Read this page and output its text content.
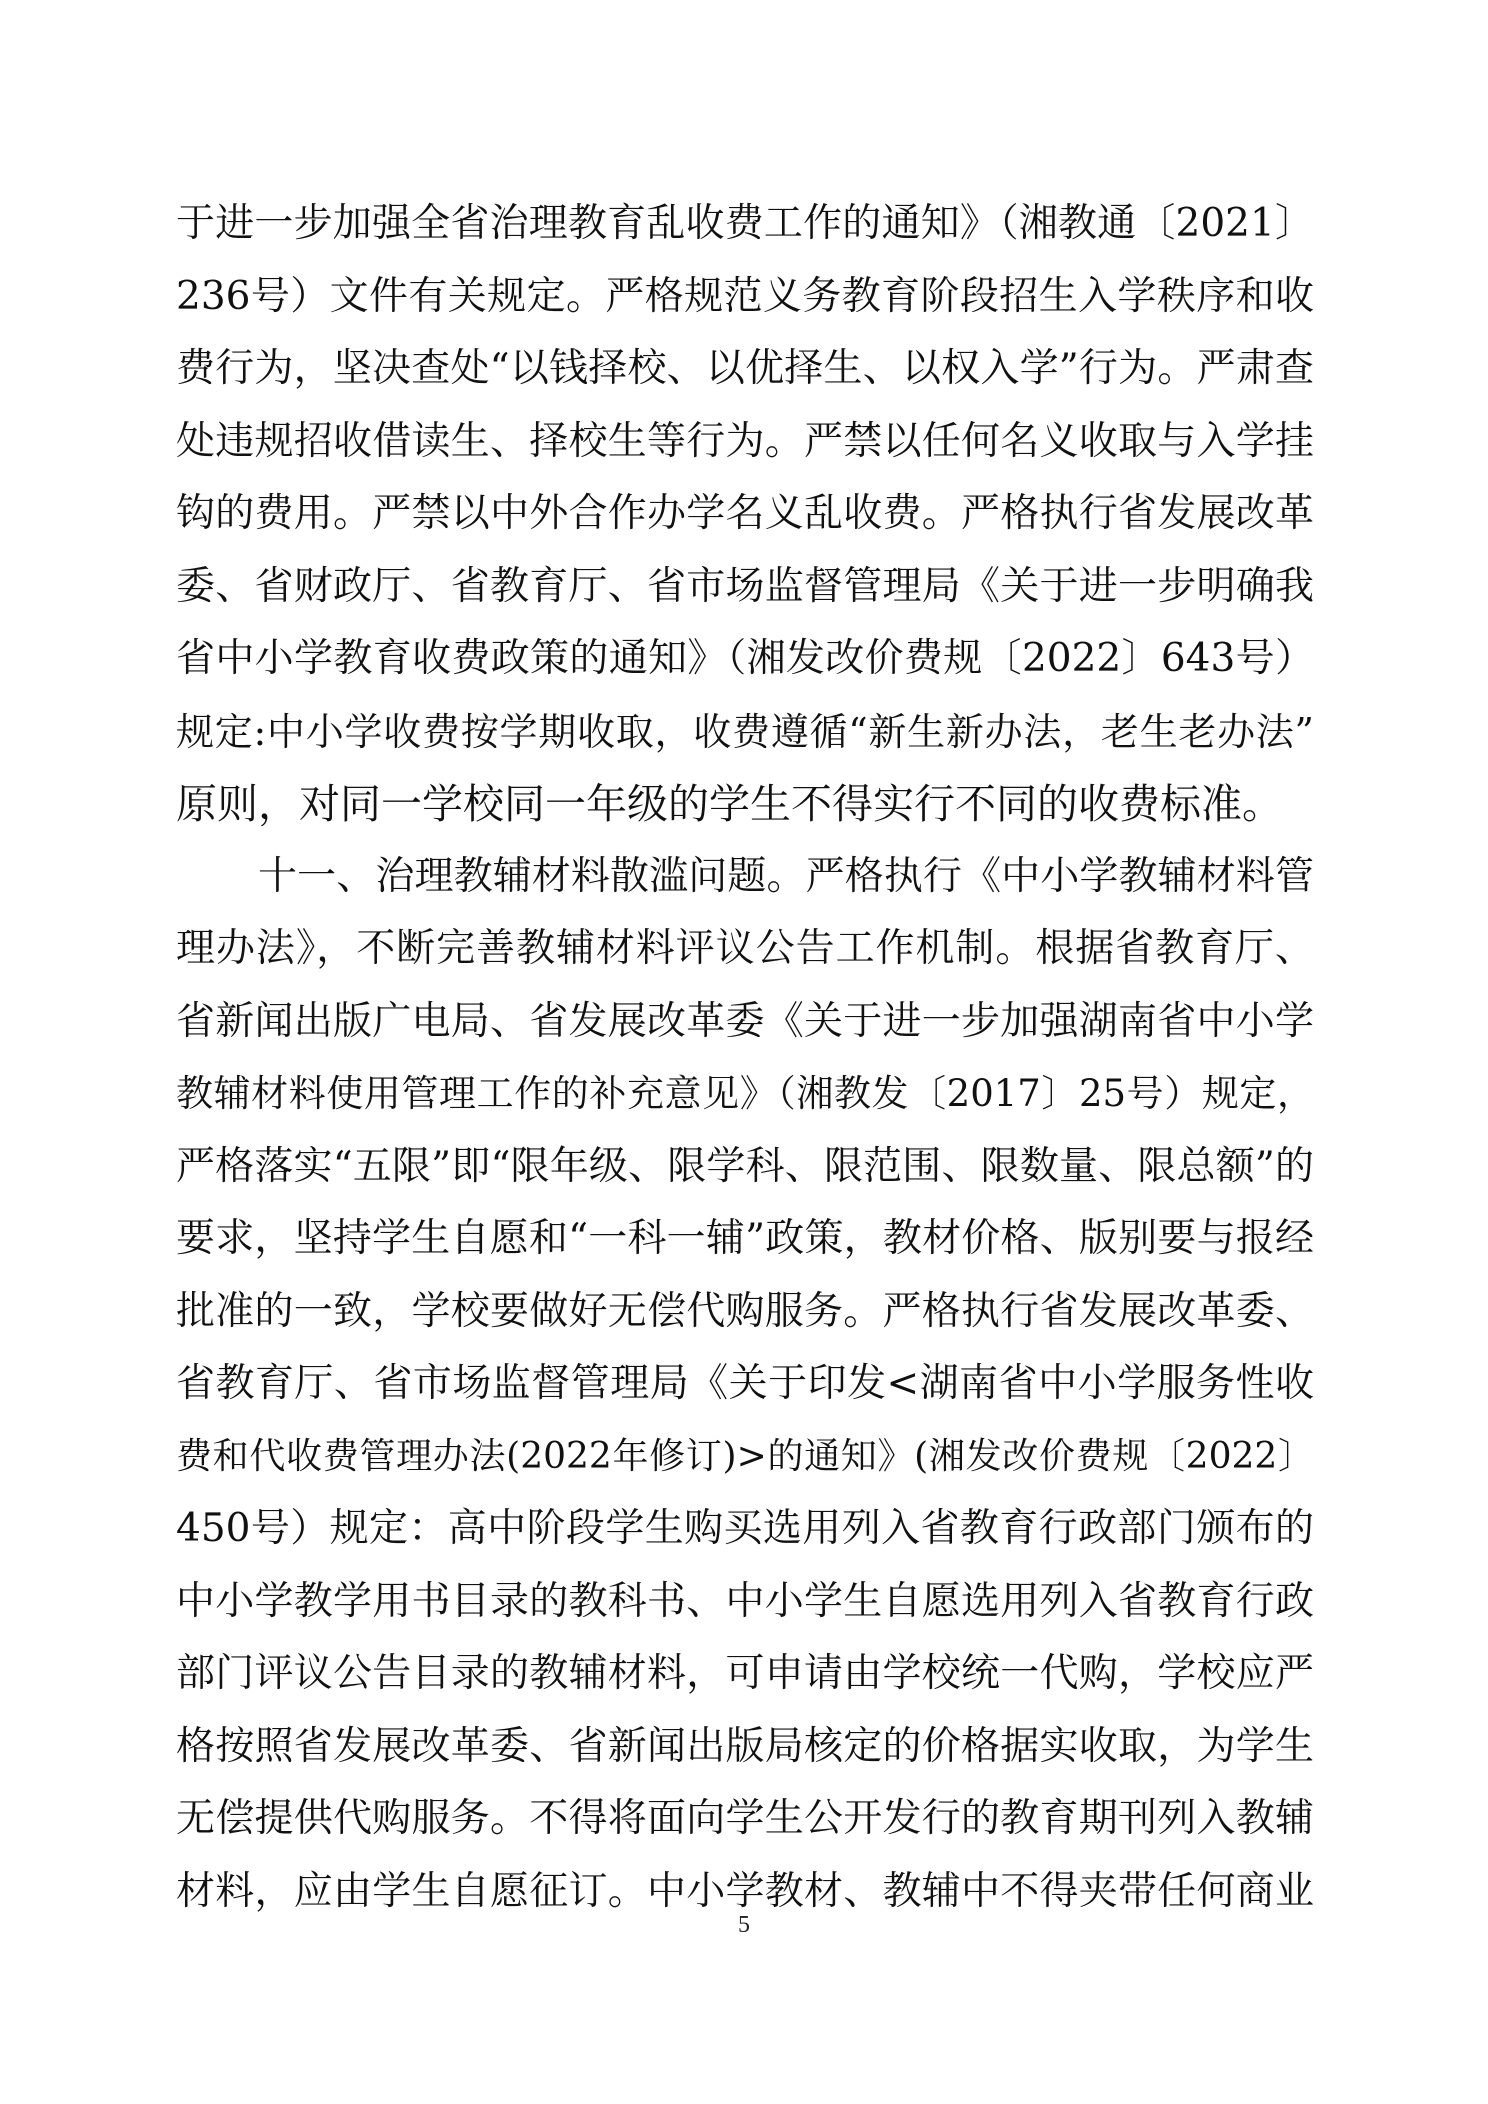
于进一步加强全省治理教育乱收费工作的通知》（湘教通〔2021〕
236号）文件有关规定。严格规范义务教育阶段招生入学秩序和收
费行为，坚决查处“以钱择校、以优择生、以权入学”行为。严肃查
处违规招收借读生、择校生等行为。严禁以任何名义收取与入学挂
钩的费用。严禁以中外合作办学名义乱收费。严格执行省发展改革
委、省财政厅、省教育厅、省市场监督管理局《关于进一步明确我
省中小学教育收费政策的通知》（湘发改价费规〔2022〕643号）
规定:中小学收费按学期收取，收费遵循“新生新办法，老生老办法”
原则，对同一学校同一年级的学生不得实行不同的收费标准。
十一、治理教辅材料散滥问题。严格执行《中小学教辅材料管
理办法》，不断完善教辅材料评议公告工作机制。根据省教育厅、
省新闻出版广电局、省发展改革委《关于进一步加强湖南省中小学
教辅材料使用管理工作的补充意见》（湘教发〔2017〕25号）规定，
严格落实“五限”即“限年级、限学科、限范围、限数量、限总额”的
要求，坚持学生自愿和“一科一辅”政策，教材价格、版别要与报经
批准的一致，学校要做好无偿代购服务。严格执行省发展改革委、
省教育厅、省市场监督管理局《关于印发<湖南省中小学服务性收
费和代收费管理办法(2022年修订)>的通知》(湘发改价费规〔2022〕
450号）规定：高中阶段学生购买选用列入省教育行政部门颁布的
中小学教学用书目录的教科书、中小学生自愿选用列入省教育行政
部门评议公告目录的教辅材料，可申请由学校统一代购，学校应严
格按照省发展改革委、省新闻出版局核定的价格据实收取，为学生
无偿提供代购服务。不得将面向学生公开发行的教育期刊列入教辅
材料，应由学生自愿征订。中小学教材、教辅中不得夹带任何商业
5
